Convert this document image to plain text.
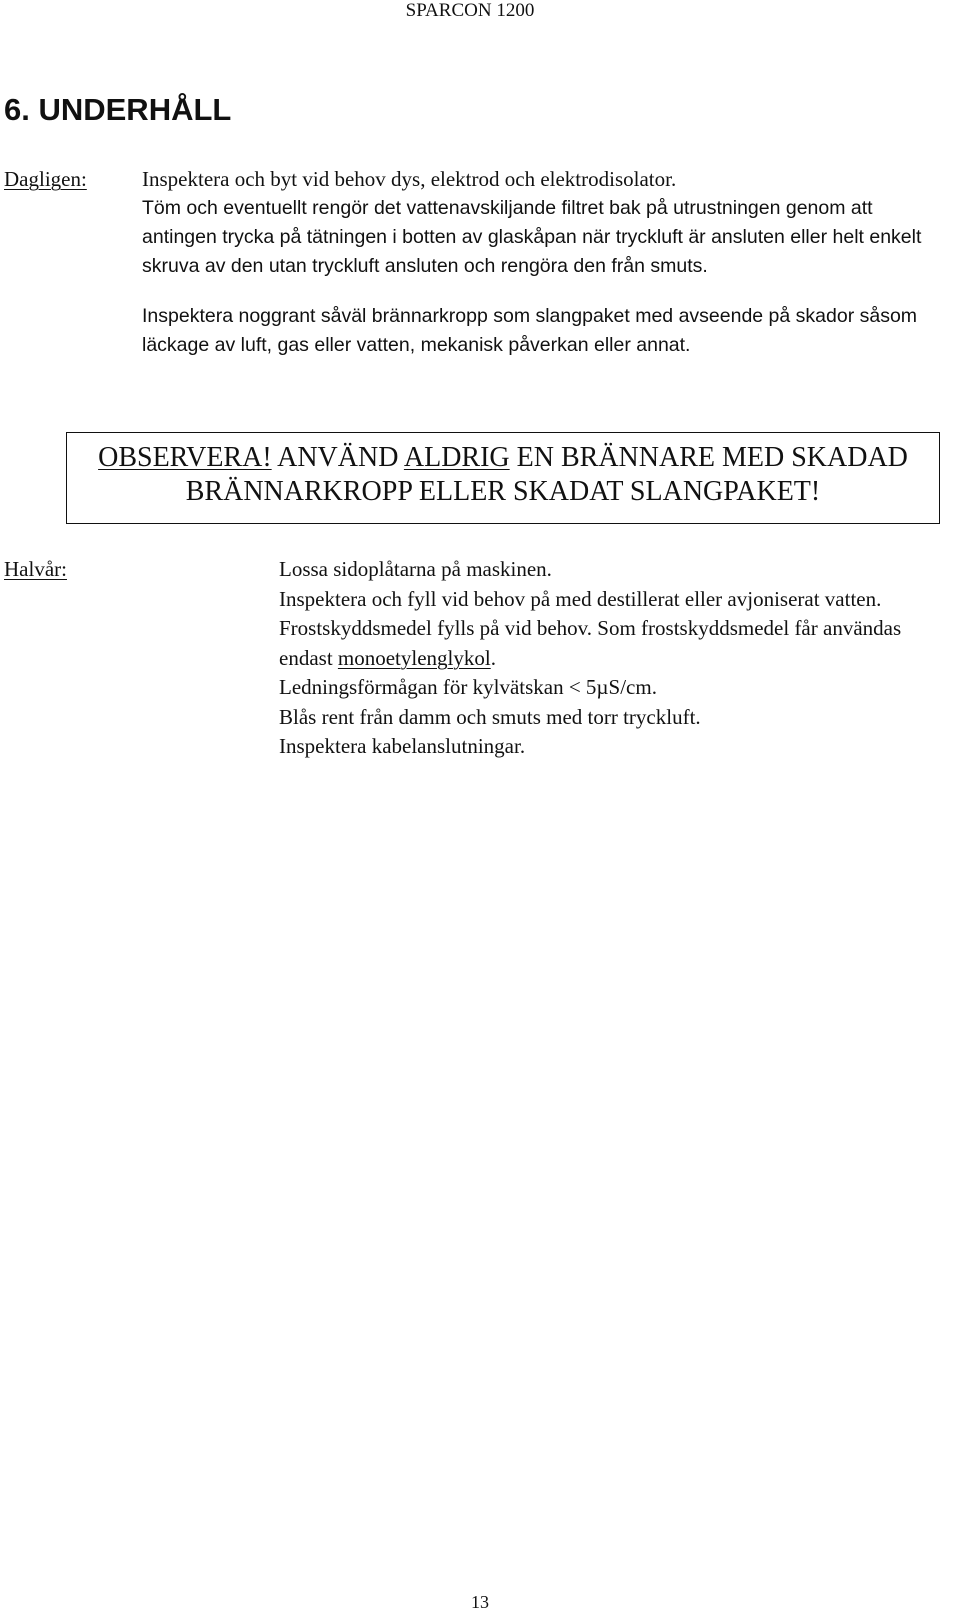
SPARCON 1200
6. UNDERHÅLL
Dagligen:	Inspektera och byt vid behov dys, elektrod och elektrodisolator.

Töm och eventuellt rengör det vattenavskiljande filtret bak på utrustningen genom att antingen trycka på tätningen i botten av glaskåpan när tryckluft är ansluten eller helt enkelt skruva av den utan tryckluft ansluten och rengöra den från smuts.

Inspektera noggrant såväl brännarkropp som slangpaket med avseende på skador såsom läckage av luft, gas eller vatten, mekanisk påverkan eller annat.

OBSERVERA! ANVÄND ALDRIG EN BRÄNNARE MED SKADAD
BRÄNNARKROPP ELLER SKADAT SLANGPAKET!
Halvår:	Lossa sidoplåtarna på maskinen.
Inspektera och fyll vid behov på med destillerat eller avjoniserat vatten.
Frostskyddsmedel fylls på vid behov. Som frostskyddsmedel får användas endast monoetylenglykol.
Ledningsförmågan för kylvätskan < 5µS/cm.
Blås rent från damm och smuts med torr tryckluft.
Inspektera kabelanslutningar.
13
